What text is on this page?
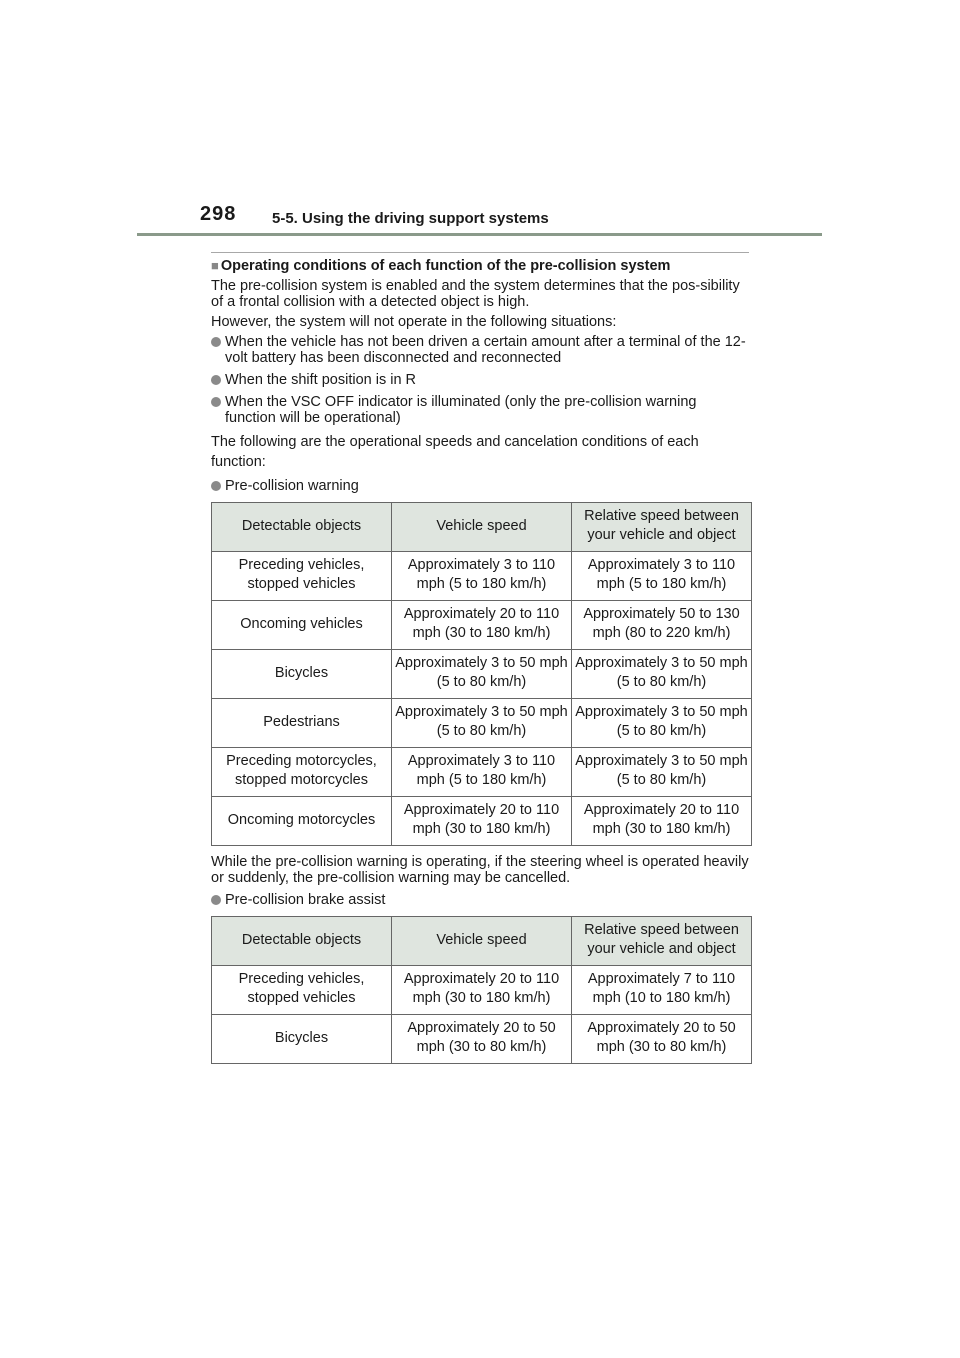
298 5-5. Using the driving support systems
■ Operating conditions of each function of the pre-collision system

The pre-collision system is enabled and the system determines that the pos-sibility of a frontal collision with a detected object is high.

However, the system will not operate in the following situations:

When the vehicle has not been driven a certain amount after a terminal of the 12-volt battery has been disconnected and reconnected
When the shift position is in R
When the VSC OFF indicator is illuminated (only the pre-collision warning function will be operational)

The following are the operational speeds and cancelation conditions of each function:

Pre-collision warning
Detectable objects	Vehicle speed	Relative speed between your vehicle and object
Preceding vehicles, stopped vehicles	Approximately 3 to 110 mph (5 to 180 km/h)	Approximately 3 to 110 mph (5 to 180 km/h)
Oncoming vehicles	Approximately 20 to 110 mph (30 to 180 km/h)	Approximately 50 to 130 mph (80 to 220 km/h)
Bicycles	Approximately 3 to 50 mph (5 to 80 km/h)	Approximately 3 to 50 mph (5 to 80 km/h)
Pedestrians	Approximately 3 to 50 mph (5 to 80 km/h)	Approximately 3 to 50 mph (5 to 80 km/h)
Preceding motorcycles, stopped motorcycles	Approximately 3 to 110 mph (5 to 180 km/h)	Approximately 3 to 50 mph (5 to 80 km/h)
Oncoming motorcycles	Approximately 20 to 110 mph (30 to 180 km/h)	Approximately 20 to 110 mph (30 to 180 km/h)

While the pre-collision warning is operating, if the steering wheel is operated heavily or suddenly, the pre-collision warning may be cancelled.

Pre-collision brake assist
Detectable objects	Vehicle speed	Relative speed between your vehicle and object
Preceding vehicles, stopped vehicles	Approximately 20 to 110 mph (30 to 180 km/h)	Approximately 7 to 110 mph (10 to 180 km/h)
Bicycles	Approximately 20 to 50 mph (30 to 80 km/h)	Approximately 20 to 50 mph (30 to 80 km/h)
